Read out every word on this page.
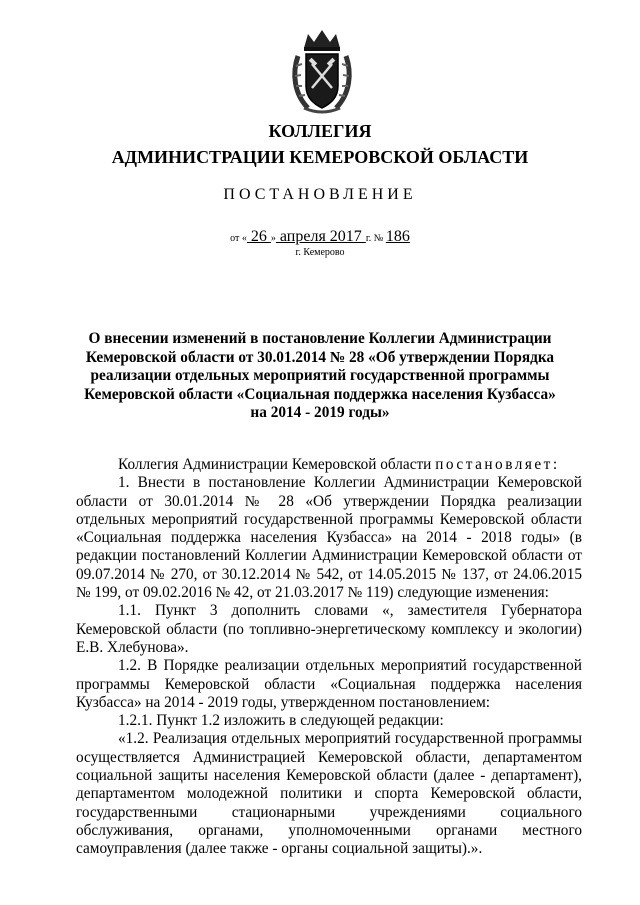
КОЛЛЕГИЯ
АДМИНИСТРАЦИИ КЕМЕРОВСКОЙ ОБЛАСТИ
ПОСТАНОВЛЕНИЕ
от « 26 » апреля 2017 г. № 186
г. Кемерово
О внесении изменений в постановление Коллегии Администрации Кемеровской области от 30.01.2014 № 28 «Об утверждении Порядка реализации отдельных мероприятий государственной программы Кемеровской области «Социальная поддержка населения Кузбасса» на 2014 - 2019 годы»

Коллегия Администрации Кемеровской области постановляет:

1. Внести в постановление Коллегии Администрации Кемеровской области от 30.01.2014 № 28 «Об утверждении Порядка реализации отдельных мероприятий государственной программы Кемеровской области «Социальная поддержка населения Кузбасса» на 2014 - 2018 годы» (в редакции постановлений Коллегии Администрации Кемеровской области от 09.07.2014 № 270, от 30.12.2014 № 542, от 14.05.2015 № 137, от 24.06.2015 № 199, от 09.02.2016 № 42, от 21.03.2017 № 119) следующие изменения:

1.1. Пункт 3 дополнить словами «, заместителя Губернатора Кемеровской области (по топливно-энергетическому комплексу и экологии) Е.В. Хлебунова».

1.2. В Порядке реализации отдельных мероприятий государственной программы Кемеровской области «Социальная поддержка населения Кузбасса» на 2014 - 2019 годы, утвержденном постановлением:

1.2.1. Пункт 1.2 изложить в следующей редакции:

«1.2. Реализация отдельных мероприятий государственной программы осуществляется Администрацией Кемеровской области, департаментом социальной защиты населения Кемеровской области (далее - департамент), департаментом молодежной политики и спорта Кемеровской области, государственными стационарными учреждениями социального обслуживания, органами, уполномоченными органами местного самоуправления (далее также - органы социальной защиты).».
